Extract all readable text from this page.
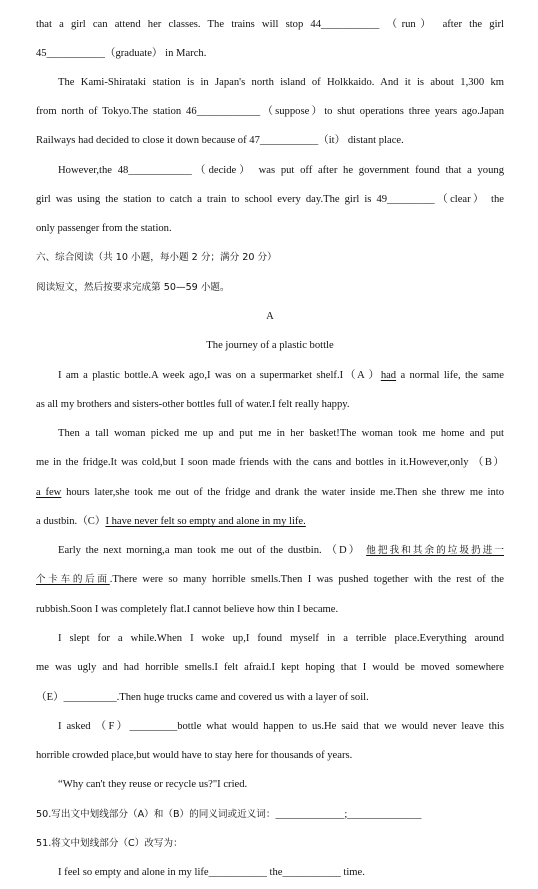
that a girl can attend her classes. The trains will stop 44___________ （run） after the girl
45___________（graduate） in March.
The Kami-Shirataki station is in Japan's north island of Holkkaido. And it is about 1,300 km
from north of Tokyo.The station 46____________（suppose）to shut operations three years ago.Japan
Railways had decided to close it down because of 47___________（it） distant place.
However,the 48____________（decide） was put off after he government found that a young
girl was using the station to catch a train to school every day.The girl is 49_________（clear） the
only passenger from the station.
六、综合阅读（共 10 小题，每小题 2 分；满分 20 分）
阅读短文，然后按要求完成第 50—59 小题。
A
The journey of a plastic bottle
I am a plastic bottle.A week ago,I was on a supermarket shelf.I（A ）had a normal life, the same
as all my brothers and sisters-other bottles full of water.I felt really happy.
Then a tall woman picked me up and put me in her basket!The woman took me home and put
me in the fridge.It was cold,but I soon made friends with the cans and bottles in it.However,only （B）
a few hours later,she took me out of the fridge and drank the water inside me.Then she threw me into
a dustbin.（C）I have never felt so empty and alone in my life.
Early the next morning,a man took me out of the dustbin. （D） 他把我和其余的垃圾扔进一
个卡车的后面.There were so many horrible smells.Then I was pushed together with the rest of the
rubbish.Soon I was completely flat.I cannot believe how thin I became.
I slept for a while.When I woke up,I found myself in a terrible place.Everything around
me was ugly and had horrible smells.I felt afraid.I kept hoping that I would be moved somewhere
（E）__________.Then huge trucks came and covered us with a layer of soil.
I asked （F）_________bottle what would happen to us.He said that we would never leave this
horrible crowded place,but would have to stay here for thousands of years.
“Why can't they reuse or recycle us?"I cried.
50.写出文中划线部分（A）和（B）的同义词或近义词：_____________;______________
51.将文中划线部分（C）改写为：
I feel so empty and alone in my life___________ the___________ time.
